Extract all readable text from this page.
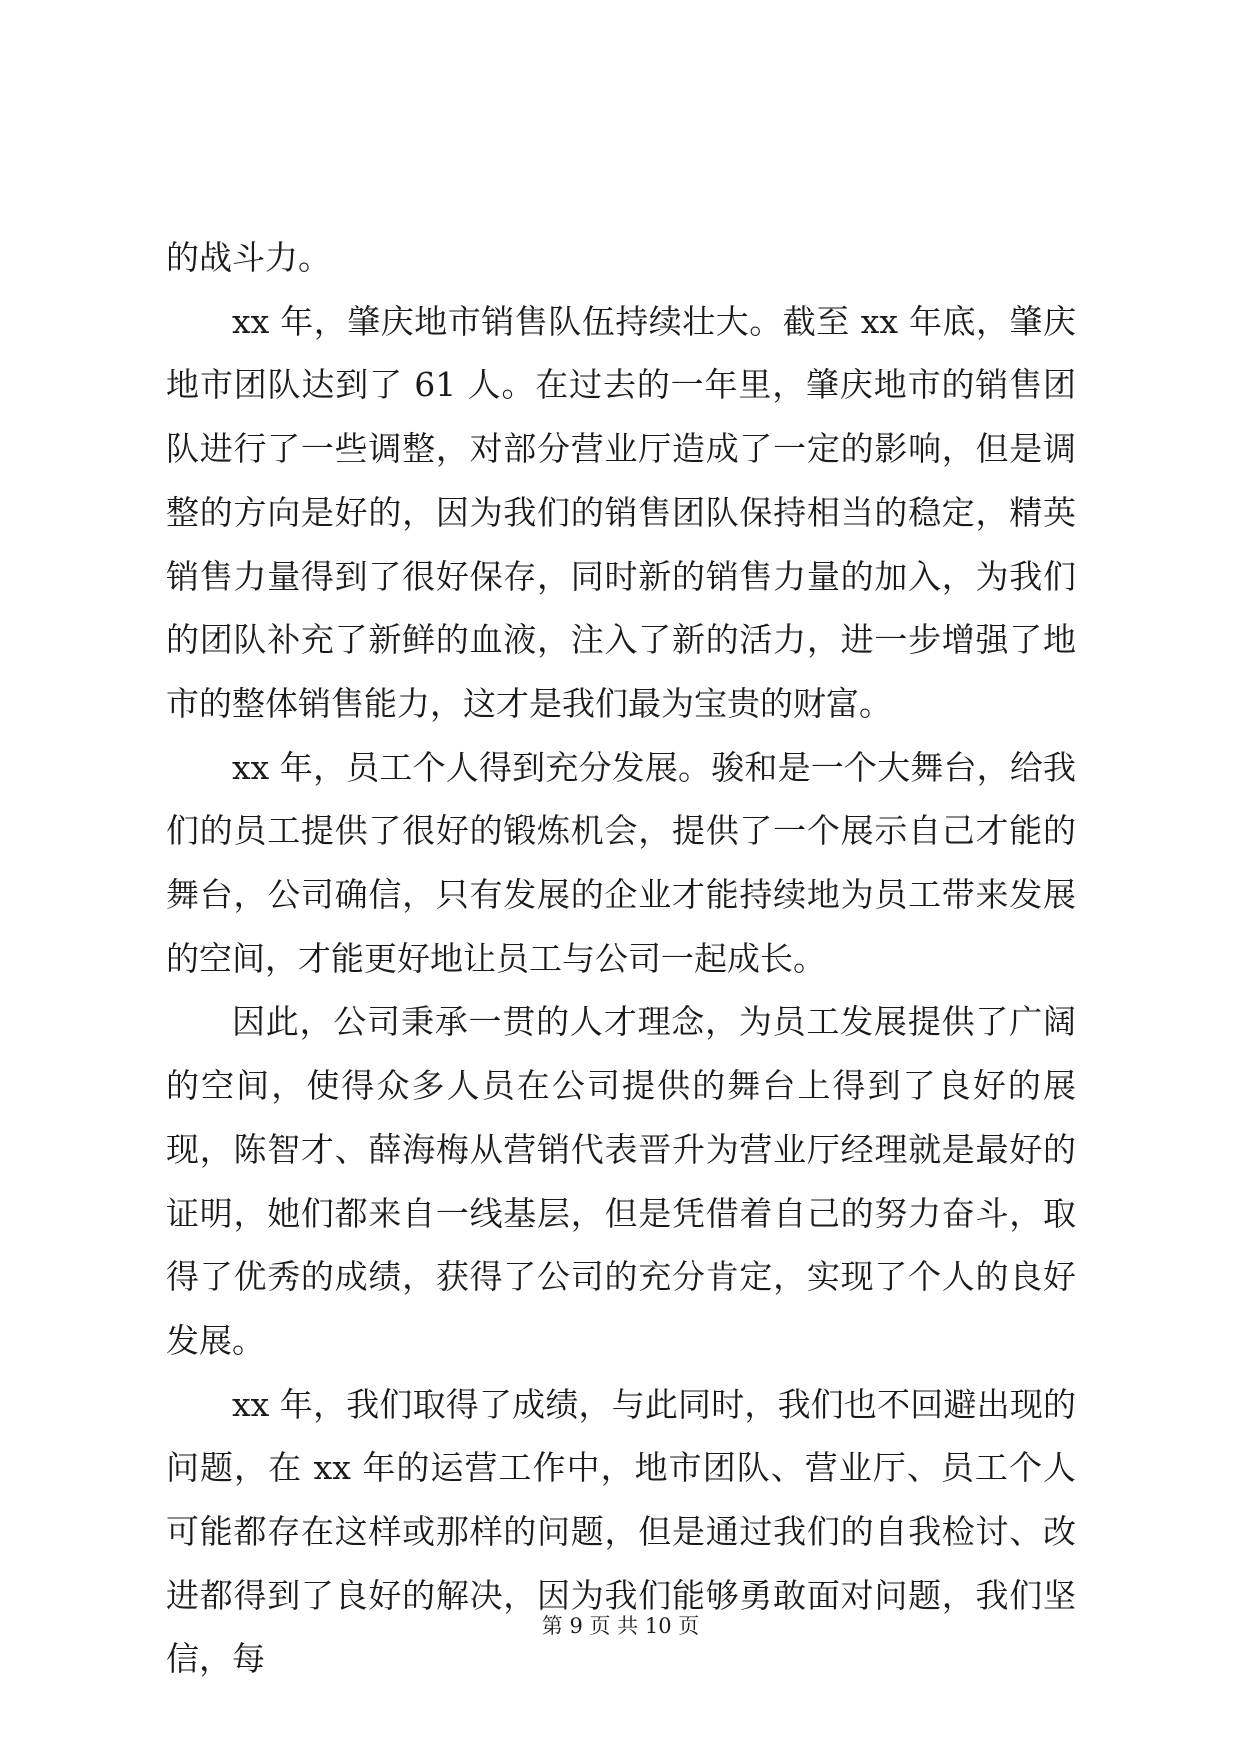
的战斗力。

xx 年，肇庆地市销售队伍持续壮大。截至 xx 年底，肇庆地市团队达到了 61 人。在过去的一年里，肇庆地市的销售团队进行了一些调整，对部分营业厅造成了一定的影响，但是调整的方向是好的，因为我们的销售团队保持相当的稳定，精英销售力量得到了很好保存，同时新的销售力量的加入，为我们的团队补充了新鲜的血液，注入了新的活力，进一步增强了地市的整体销售能力，这才是我们最为宝贵的财富。

xx 年，员工个人得到充分发展。骏和是一个大舞台，给我们的员工提供了很好的锻炼机会，提供了一个展示自己才能的舞台，公司确信，只有发展的企业才能持续地为员工带来发展的空间，才能更好地让员工与公司一起成长。

因此，公司秉承一贯的人才理念，为员工发展提供了广阔的空间，使得众多人员在公司提供的舞台上得到了良好的展现，陈智才、薛海梅从营销代表晋升为营业厅经理就是最好的证明，她们都来自一线基层，但是凭借着自己的努力奋斗，取得了优秀的成绩，获得了公司的充分肯定，实现了个人的良好发展。

xx 年，我们取得了成绩，与此同时，我们也不回避出现的问题，在 xx 年的运营工作中，地市团队、营业厅、员工个人可能都存在这样或那样的问题，但是通过我们的自我检讨、改进都得到了良好的解决，因为我们能够勇敢面对问题，我们坚信，每

第 9 页 共 10 页
